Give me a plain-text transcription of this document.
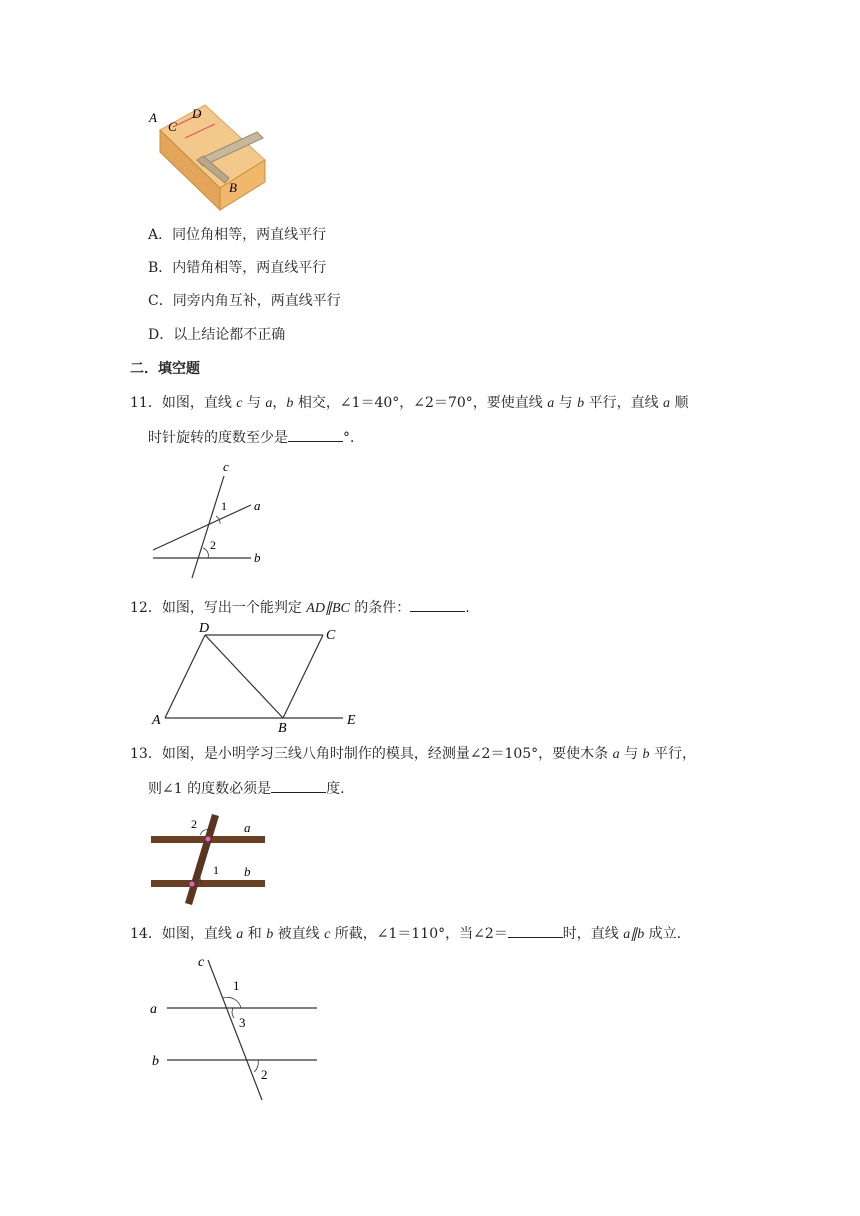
A
C
D
B
A．同位角相等，两直线平行
B．内错角相等，两直线平行
C．同旁内角互补，两直线平行
D．以上结论都不正确
二．填空题
11．如图，直线 c 与 a，b 相交，∠1＝40°，∠2＝70°，要使直线 a 与 b 平行，直线 a 顺
时针旋转的度数至少是	°．
c
a
b
1
2
12．如图，写出一个能判定 AD∥BC 的条件：	.
D	C
A
B
E
13．如图，是小明学习三线八角时制作的模具，经测量∠2＝105°，要使木条 a 与 b 平行，
则∠1 的度数必须是	度.
2	a
1 b
14．如图，直线 a 和 b 被直线 c 所截，∠1＝110°，当∠2＝	时，直线 a∥b 成立.
c
1
a
3
b
2
